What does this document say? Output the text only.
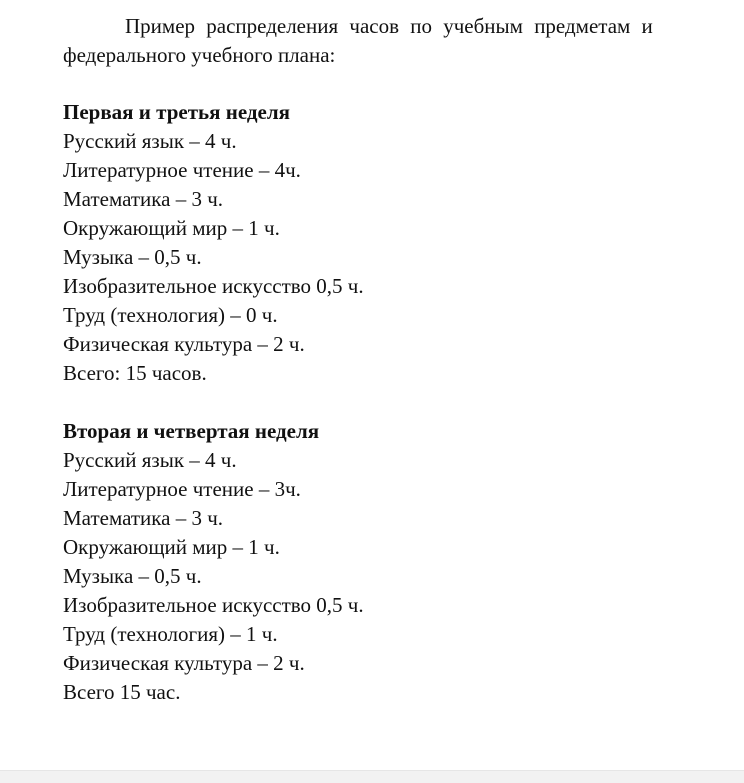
Пример распределения часов по учебным предметам и
федерального учебного плана:
Первая и третья неделя
Русский язык – 4 ч.
Литературное чтение – 4ч.
Математика – 3 ч.
Окружающий мир – 1 ч.
Музыка – 0,5 ч.
Изобразительное искусство 0,5 ч.
Труд (технология) – 0 ч.
Физическая культура – 2 ч.
Всего: 15 часов.
Вторая и четвертая неделя
Русский язык – 4 ч.
Литературное чтение – 3ч.
Математика – 3 ч.
Окружающий мир – 1 ч.
Музыка – 0,5 ч.
Изобразительное искусство 0,5 ч.
Труд (технология) – 1 ч.
Физическая культура – 2 ч.
Всего 15 час.
